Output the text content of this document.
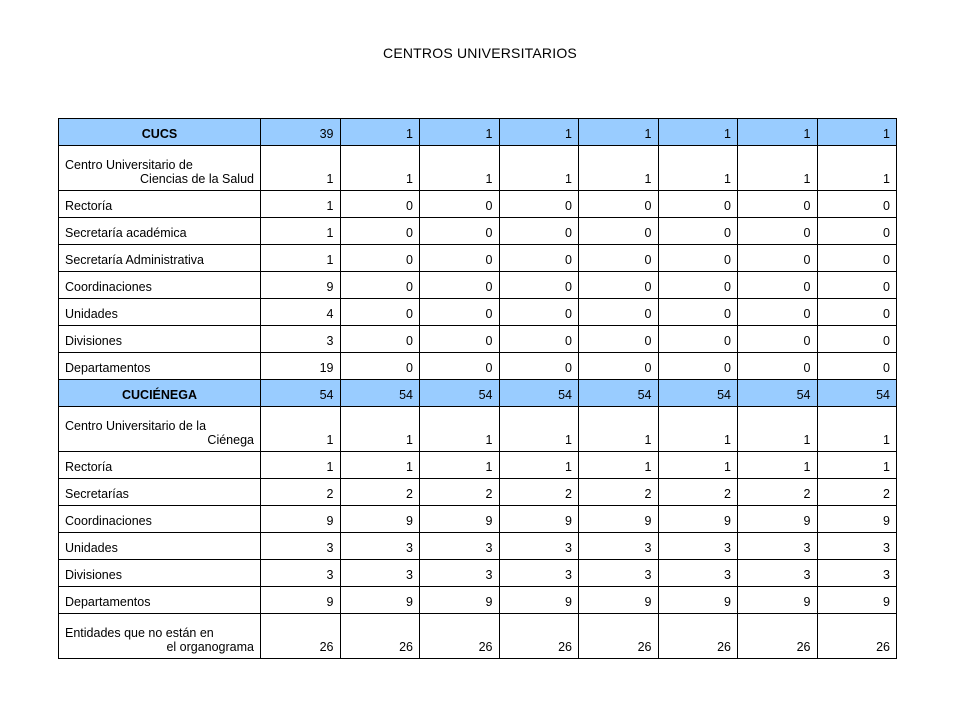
CENTROS UNIVERSITARIOS
CUCS	39	1	1	1	1	1	1	1

Centro Universitario de
Ciencias de la Salud	1	1	1	1	1	1	1	1
Rectoría	1	0	0	0	0	0	0	0
Secretaría académica	1	0	0	0	0	0	0	0
Secretaría Administrativa	1	0	0	0	0	0	0	0
Coordinaciones	9	0	0	0	0	0	0	0
Unidades	4	0	0	0	0	0	0	0
Divisiones	3	0	0	0	0	0	0	0
Departamentos	19	0	0	0	0	0	0	0
CUCIÉNEGA	54	54	54	54	54	54	54	54

Centro Universitario de la
Ciénega	1	1	1	1	1	1	1	1
Rectoría	1	1	1	1	1	1	1	1
Secretarías	2	2	2	2	2	2	2	2
Coordinaciones	9	9	9	9	9	9	9	9
Unidades	3	3	3	3	3	3	3	3
Divisiones	3	3	3	3	3	3	3	3
Departamentos	9	9	9	9	9	9	9	9

Entidades que no están en
el organograma	26	26	26	26	26	26	26	26
